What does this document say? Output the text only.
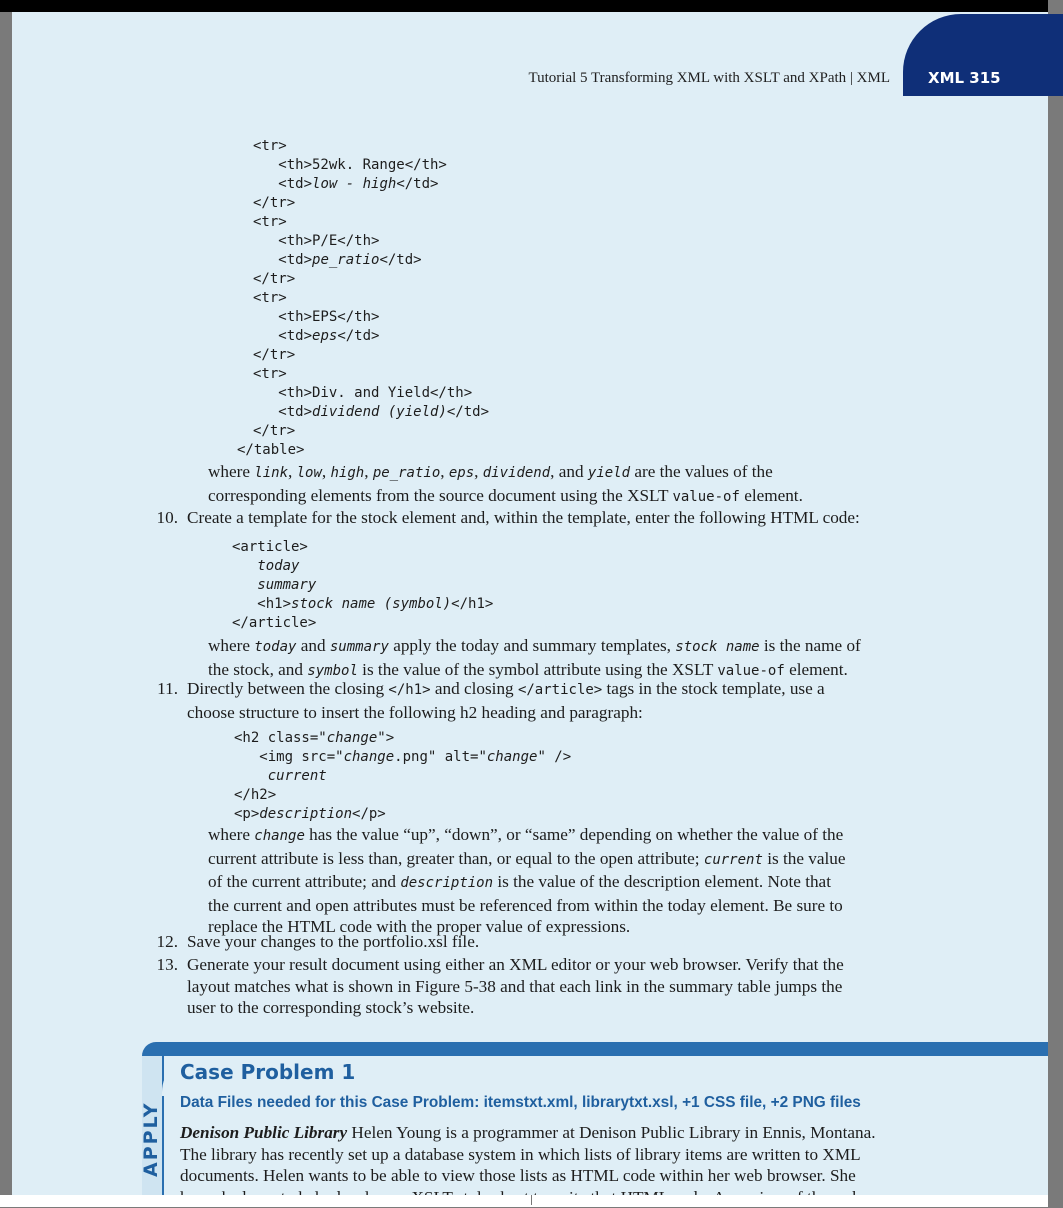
XML 315
Tutorial 5 Transforming XML with XSLT and XPath | XML
<tr>
<th>52wk. Range</th>
<td>low - high</td>
</tr>
<tr>
<th>P/E</th>
<td>pe_ratio</td>
</tr>
<tr>
<th>EPS</th>
<td>eps</td>
</tr>
<tr>
<th>Div. and Yield</th>
<td>dividend (yield)</td>
</tr>
</table>
where link, low, high, pe_ratio, eps, dividend, and yield are the values of the
corresponding elements from the source document using the XSLT value-of element.
10. Create a template for the stock element and, within the template, enter the following HTML code:
<article>
today
summary
<h1>stock name (symbol)</h1>
</article>
where today and summary apply the today and summary templates, stock name is the name of
the stock, and symbol is the value of the symbol attribute using the XSLT value-of element.
11. Directly between the closing </h1> and closing </article> tags in the stock template, use a
choose structure to insert the following h2 heading and paragraph:
<h2 class="change">
<img src="change.png" alt="change" />
current
</h2>
<p>description</p>
where change has the value “up”, “down”, or “same” depending on whether the value of the
current attribute is less than, greater than, or equal to the open attribute; current is the value
of the current attribute; and description is the value of the description element. Note that
the current and open attributes must be referenced from within the today element. Be sure to
replace the HTML code with the proper value of expressions.
12. Save your changes to the portfolio.xsl file.
13. Generate your result document using either an XML editor or your web browser. Verify that the
layout matches what is shown in Figure 5-38 and that each link in the summary table jumps the
user to the corresponding stock’s website.
APPLY
Case Problem 1
Data Files needed for this Case Problem: itemstxt.xml, librarytxt.xsl, +1 CSS file, +2 PNG files
Denison Public Library Helen Young is a programmer at Denison Public Library in Ennis, Montana.
The library has recently set up a database system in which lists of library items are written to XML
documents. Helen wants to be able to view those lists as HTML code within her web browser. She
